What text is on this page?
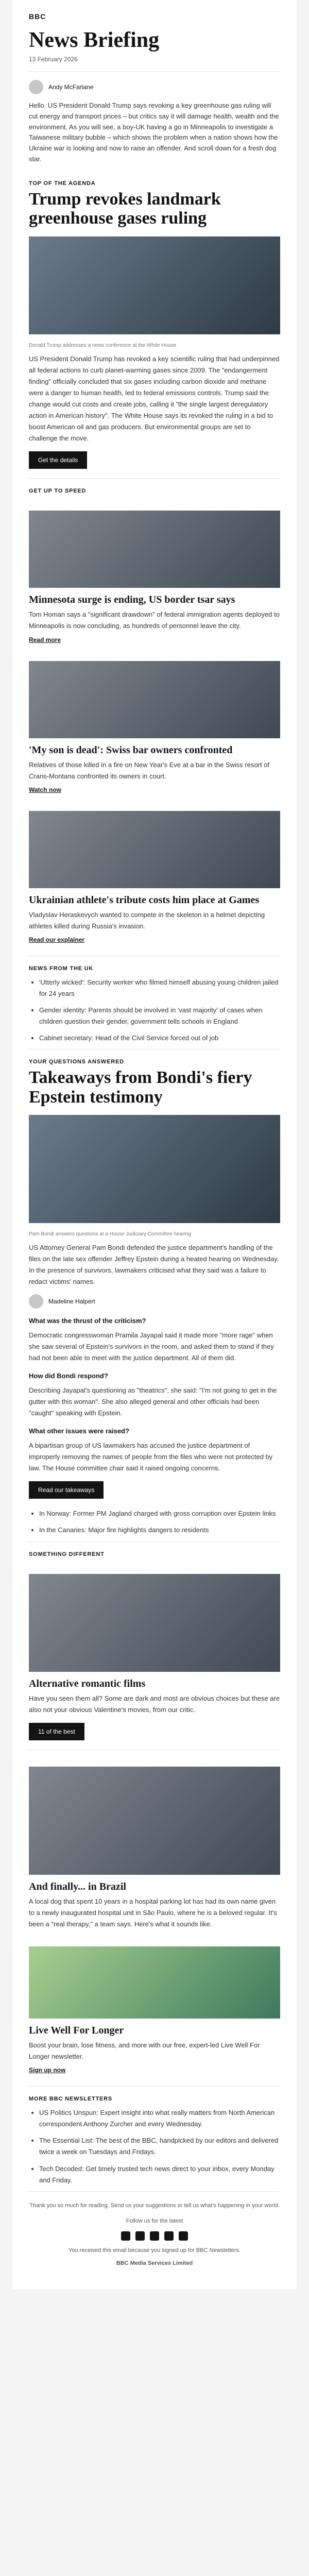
BBC
News Briefing
13 February 2026
Andy McFarlane
Hello. US President Donald Trump says revoking a key greenhouse gas ruling will cut energy and transport prices – but critics say it will damage health, wealth and the environment. As you will see, a boy-UK having a go in Minneapolis to investigate a Taiwanese military bubble – which shows the problem when a nation shows how the Ukraine war is looking and now to raise an offender. And scroll down for a fresh dog star.
TOP OF THE AGENDA
Trump revokes landmark greenhouse gases ruling
Donald Trump addresses a news conference at the White House
US President Donald Trump has revoked a key scientific ruling that had underpinned all federal actions to curb planet-warming gases since 2009. The "endangerment finding" officially concluded that six gases including carbon dioxide and methane were a danger to human health, led to federal emissions controls. Trump said the change would cut costs and create jobs, calling it "the single largest deregulatory action in American history". The White House says its revoked the ruling in a bid to boost American oil and gas producers. But environmental groups are set to challenge the move.
Get the details
GET UP TO SPEED
Minnesota surge is ending, US border tsar says
Tom Homan says a "significant drawdown" of federal immigration agents deployed to Minneapolis is now concluding, as hundreds of personnel leave the city.
Read more
'My son is dead': Swiss bar owners confronted
Relatives of those killed in a fire on New Year's Eve at a bar in the Swiss resort of Crans-Montana confronted its owners in court.
Watch now
Ukrainian athlete's tribute costs him place at Games
Vladyslav Heraskevych wanted to compete in the skeleton in a helmet depicting athletes killed during Russia's invasion.
Read our explainer
NEWS FROM THE UK
• 'Utterly wicked': Security worker who filmed himself abusing young children jailed for 24 years
• Gender identity: Parents should be involved in 'vast majority' of cases when children question their gender, government tells schools in England
• Cabinet secretary: Head of the Civil Service forced out of job
YOUR QUESTIONS ANSWERED
Takeaways from Bondi's fiery Epstein testimony
Pam Bondi answers questions at a House Judiciary Committee hearing
US Attorney General Pam Bondi defended the justice department's handling of the files on the late sex offender Jeffrey Epstein during a heated hearing on Wednesday. In the presence of survivors, lawmakers criticised what they said was a failure to redact victims' names.
Madeline Halpert
What was the thrust of the criticism?
Democratic congresswoman Pramila Jayapal said it made more "more rage" when she saw several of Epstein's survivors in the room, and asked them to stand if they had not been able to meet with the justice department. All of them did.
How did Bondi respond?
Describing Jayapal's questioning as "theatrics", she said: "I'm not going to get in the gutter with this woman". She also alleged general and other officials had been "caught" speaking with Epstein.
What other issues were raised?
A bipartisan group of US lawmakers has accused the justice department of improperly removing the names of people from the files who were not protected by law. The House committee chair said it raised ongoing concerns.
Read our takeaways
• In Norway: Former PM Jagland charged with gross corruption over Epstein links
• In the Canaries: Major fire highlights dangers to residents
SOMETHING DIFFERENT
Alternative romantic films
Have you seen them all? Some are dark and most are obvious choices but these are also not your obvious Valentine's movies, from our critic.
11 of the best
And finally... in Brazil
A local dog that spent 10 years in a hospital parking lot has had its own name given to a newly inaugurated hospital unit in São Paulo, where he is a beloved regular. It's been a "real therapy," a team says. Here's what it sounds like.
Live Well For Longer
Boost your brain, lose fitness, and more with our free, expert-led Live Well For Longer newsletter.
Sign up now
MORE BBC NEWSLETTERS
• US Politics Unspun: Expert insight into what really matters from North American correspondent Anthony Zurcher and every Wednesday.
• The Essential List: The best of the BBC, handpicked by our editors and delivered twice a week on Tuesdays and Fridays.
• Tech Decoded: Get timely trusted tech news direct to your inbox, every Monday and Friday.
Thank you so much for reading. Send us your suggestions or tell us what's happening in your world.
Follow us for the latest
You received this email because you signed up for BBC Newsletters.
BBC Media Services Limited
